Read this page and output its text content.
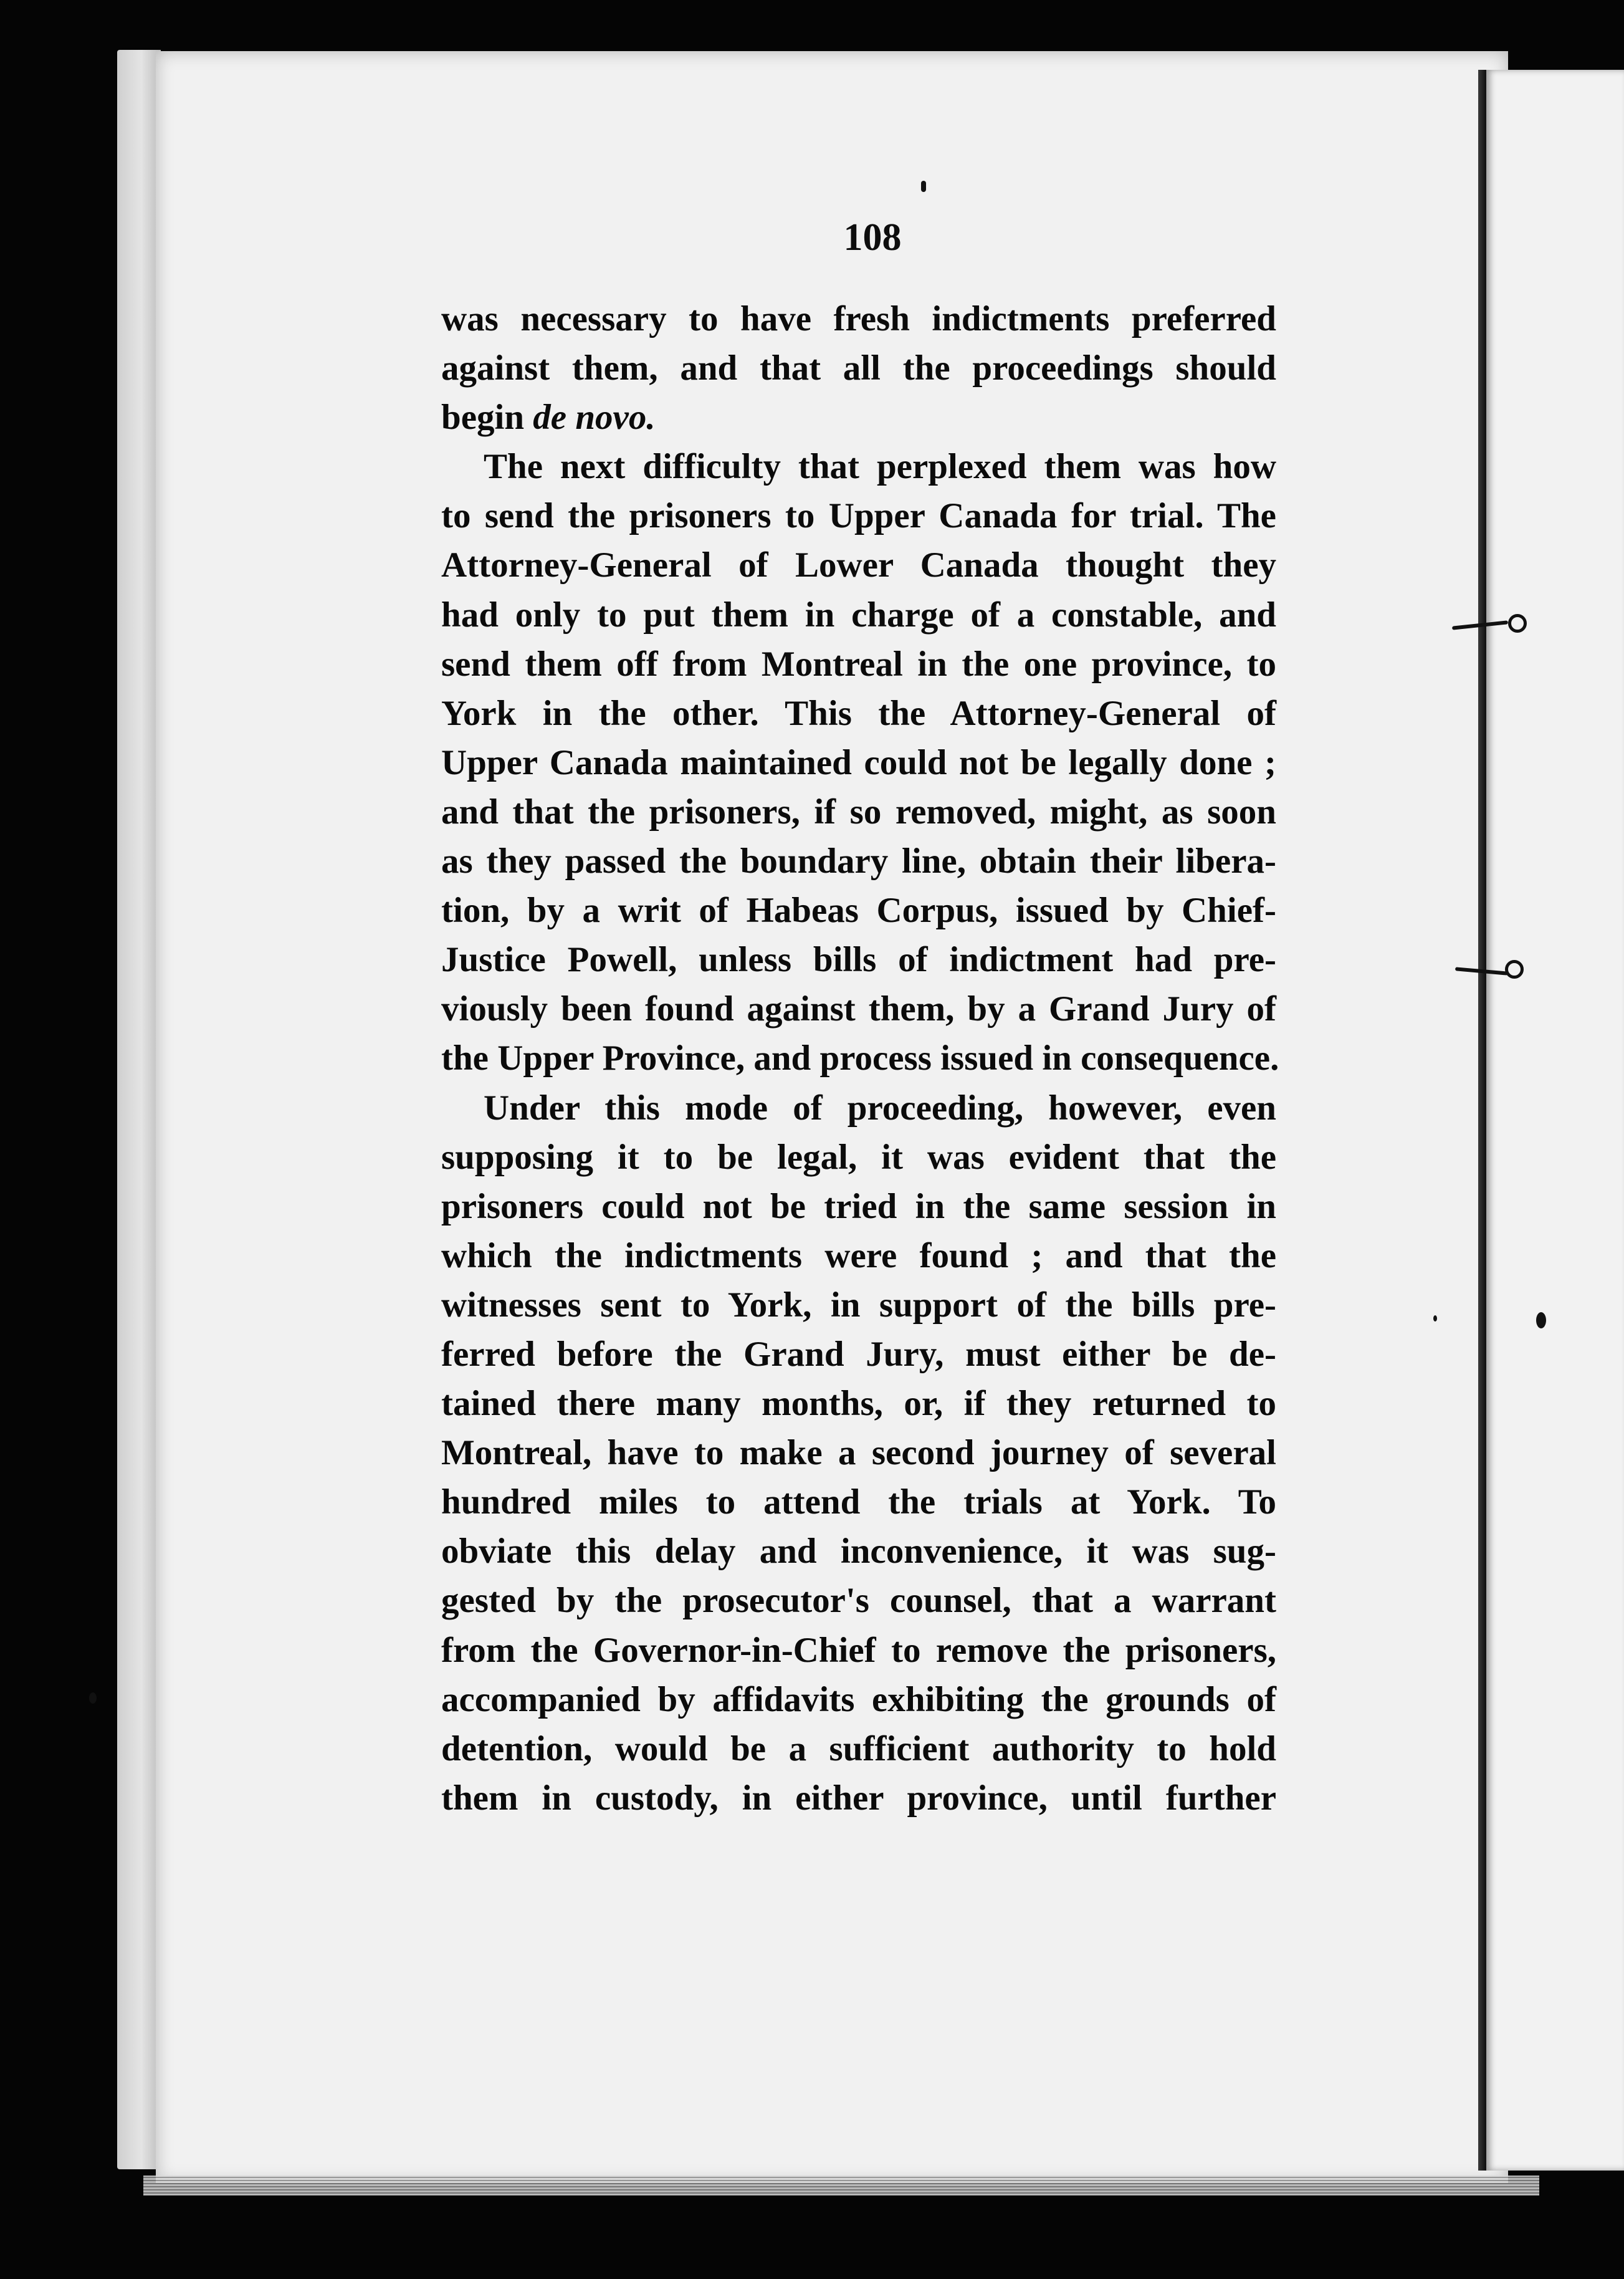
108
was necessary to have fresh indictments preferred
against them, and that all the proceedings should
begin de novo.
The next difficulty that perplexed them was how
to send the prisoners to Upper Canada for trial. The
Attorney-General of Lower Canada thought they
had only to put them in charge of a constable, and
send them off from Montreal in the one province, to
York in the other. This the Attorney-General of
Upper Canada maintained could not be legally done ;
and that the prisoners, if so removed, might, as soon
as they passed the boundary line, obtain their libera-
tion, by a writ of Habeas Corpus, issued by Chief-
Justice Powell, unless bills of indictment had pre-
viously been found against them, by a Grand Jury of
the Upper Province, and process issued in consequence.
Under this mode of proceeding, however, even
supposing it to be legal, it was evident that the
prisoners could not be tried in the same session in
which the indictments were found ; and that the
witnesses sent to York, in support of the bills pre-
ferred before the Grand Jury, must either be de-
tained there many months, or, if they returned to
Montreal, have to make a second journey of several
hundred miles to attend the trials at York. To
obviate this delay and inconvenience, it was sug-
gested by the prosecutor's counsel, that a warrant
from the Governor-in-Chief to remove the prisoners,
accompanied by affidavits exhibiting the grounds of
detention, would be a sufficient authority to hold
them in custody, in either province, until further
